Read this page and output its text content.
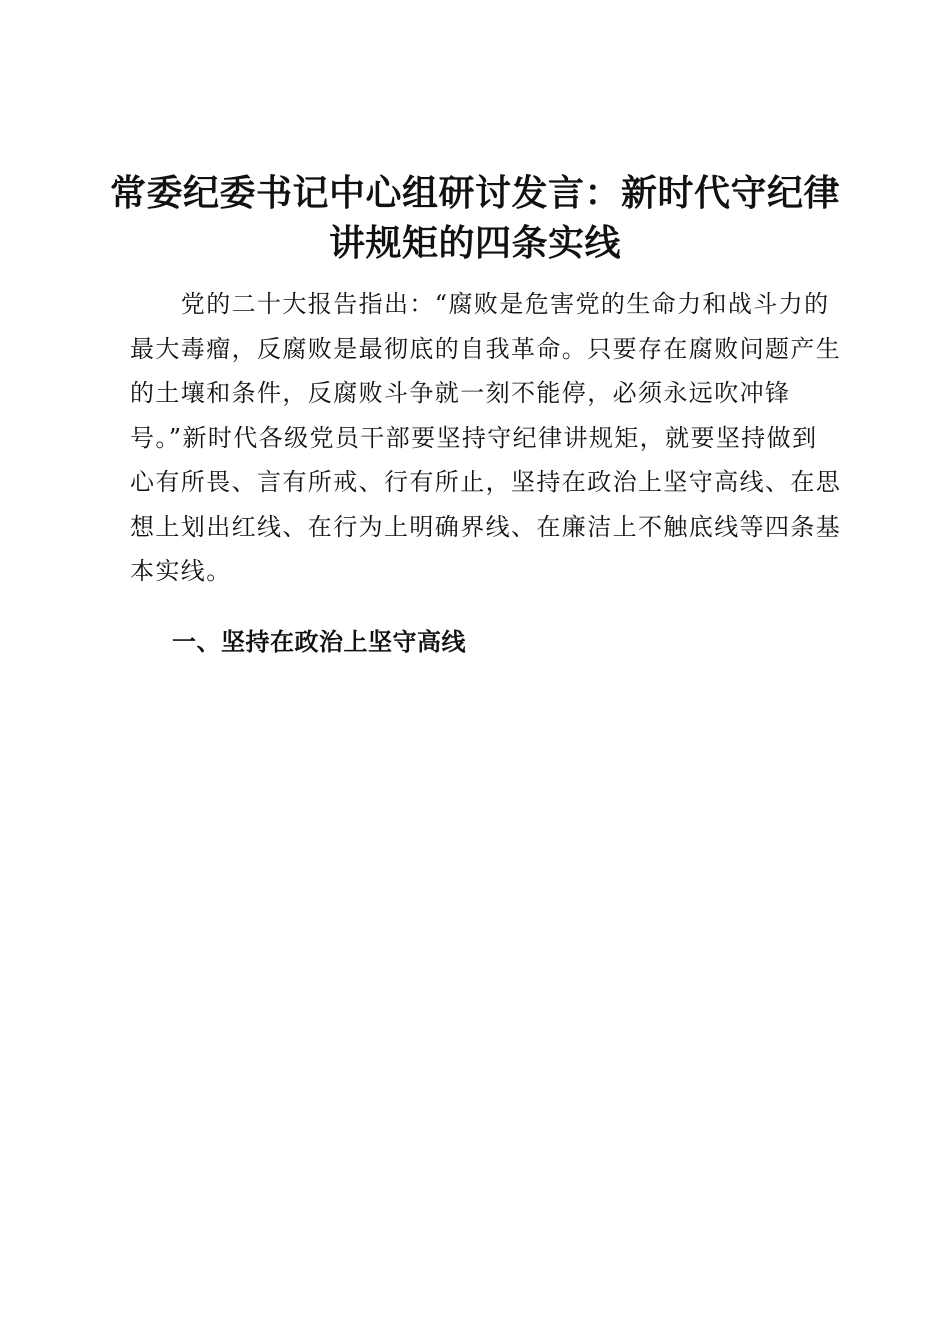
常委纪委书记中心组研讨发言：新时代守纪律
讲规矩的四条实线
　　党的二十大报告指出：“腐败是危害党的生命力和战斗力的
最大毒瘤，反腐败是最彻底的自我革命。只要存在腐败问题产生
的土壤和条件，反腐败斗争就一刻不能停，必须永远吹冲锋
号。”新时代各级党员干部要坚持守纪律讲规矩，就要坚持做到
心有所畏、言有所戒、行有所止，坚持在政治上坚守高线、在思
想上划出红线、在行为上明确界线、在廉洁上不触底线等四条基
本实线。
一、坚持在政治上坚守高线
